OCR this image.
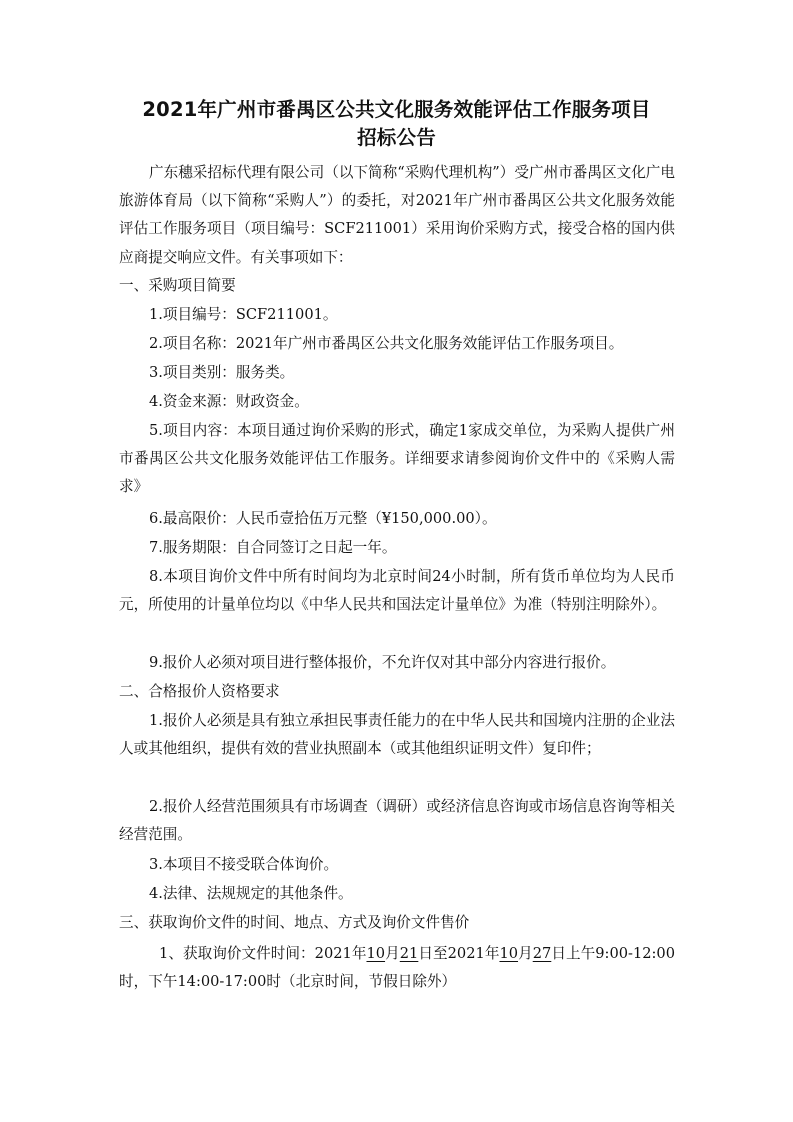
2021年广州市番禺区公共文化服务效能评估工作服务项目
招标公告
广东穗采招标代理有限公司（以下简称“采购代理机构”）受广州市番禺区文化广电旅游体育局（以下简称“采购人”）的委托，对2021年广州市番禺区公共文化服务效能评估工作服务项目（项目编号：SCF211001）采用询价采购方式，接受合格的国内供应商提交响应文件。有关事项如下：
一、采购项目简要
1.项目编号：SCF211001。
2.项目名称：2021年广州市番禺区公共文化服务效能评估工作服务项目。
3.项目类别：服务类。
4.资金来源：财政资金。
5.项目内容：本项目通过询价采购的形式，确定1家成交单位，为采购人提供广州市番禺区公共文化服务效能评估工作服务。详细要求请参阅询价文件中的《采购人需求》
6.最高限价：人民币壹拾伍万元整（¥150,000.00）。
7.服务期限：自合同签订之日起一年。
8.本项目询价文件中所有时间均为北京时间24小时制，所有货币单位均为人民币元，所使用的计量单位均以《中华人民共和国法定计量单位》为准（特别注明除外）。
9.报价人必须对项目进行整体报价，不允许仅对其中部分内容进行报价。
二、合格报价人资格要求
1.报价人必须是具有独立承担民事责任能力的在中华人民共和国境内注册的企业法人或其他组织，提供有效的营业执照副本（或其他组织证明文件）复印件；
2.报价人经营范围须具有市场调查（调研）或经济信息咨询或市场信息咨询等相关经营范围。
3.本项目不接受联合体询价。
4.法律、法规规定的其他条件。
三、获取询价文件的时间、地点、方式及询价文件售价
1、获取询价文件时间：2021年10月21日至2021年10月27日上午9:00-12:00时，下午14:00-17:00时（北京时间，节假日除外）
